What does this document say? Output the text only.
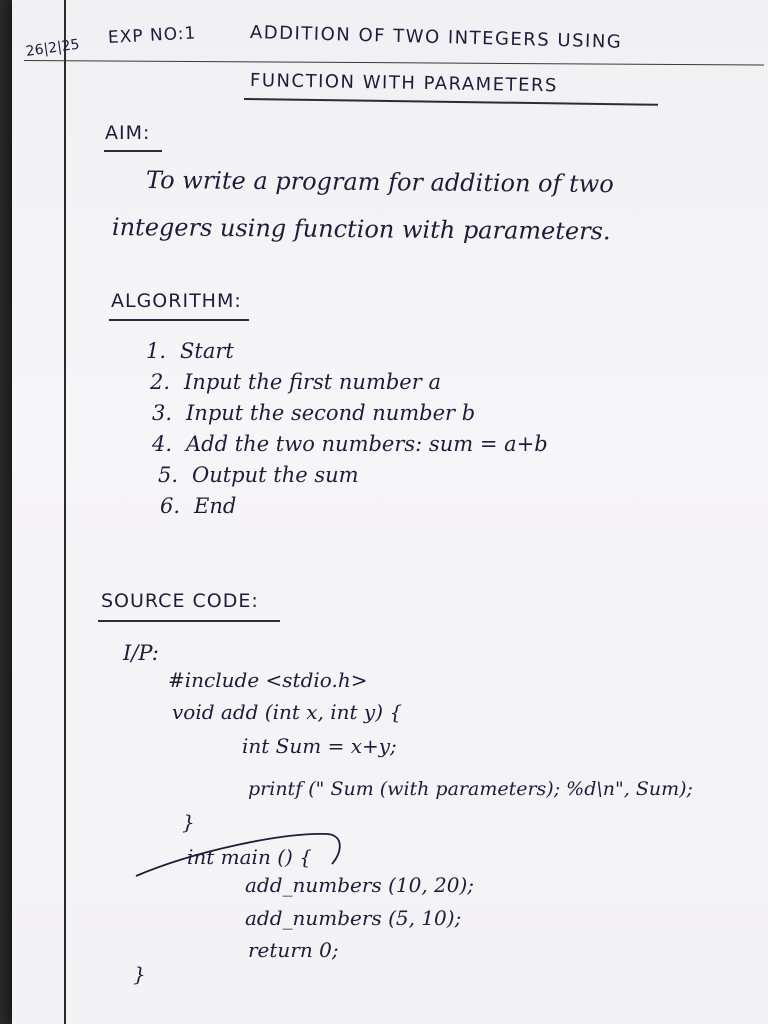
26|2|25
EXP NO:1	ADDITION OF TWO INTEGERS USING
FUNCTION WITH PARAMETERS
AIM:
To write a program for addition of two
integers using function with parameters.
ALGORITHM:
1. Start
2. Input the first number a
3. Input the second number b
4. Add the two numbers: sum = a+b
5. Output the sum
6. End
SOURCE CODE:
I/P:
#include <stdio.h>
void add (int x, int y) {
int Sum = x+y;
printf (" Sum (with parameters); %d\n", Sum);
}
int main () {
add_numbers (10, 20);
add_numbers (5, 10);
return 0;
}
